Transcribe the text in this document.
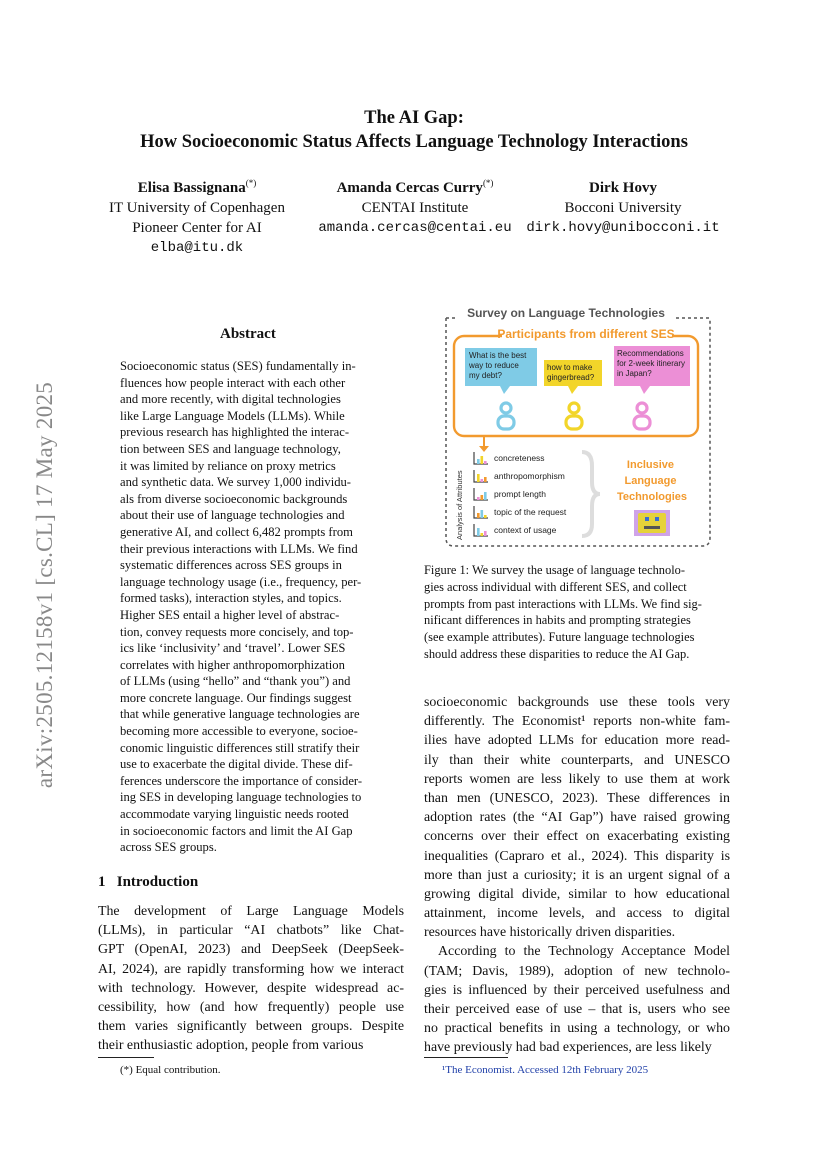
arXiv:2505.12158v1 [cs.CL] 17 May 2025
The AI Gap:
How Socioeconomic Status Affects Language Technology Interactions
Elisa Bassignana(*)
IT University of Copenhagen
Pioneer Center for AI
elba@itu.dk
Amanda Cercas Curry(*)
CENTAI Institute
amanda.cercas@centai.eu
Dirk Hovy
Bocconi University
dirk.hovy@unibocconi.it
Abstract

Socioeconomic status (SES) fundamentally in-

fluences how people interact with each other

and more recently, with digital technologies

like Large Language Models (LLMs). While

previous research has highlighted the interac-

tion between SES and language technology,

it was limited by reliance on proxy metrics

and synthetic data. We survey 1,000 individu-

als from diverse socioeconomic backgrounds

about their use of language technologies and

generative AI, and collect 6,482 prompts from

their previous interactions with LLMs. We find

systematic differences across SES groups in

language technology usage (i.e., frequency, per-

formed tasks), interaction styles, and topics.

Higher SES entail a higher level of abstrac-

tion, convey requests more concisely, and top-

ics like ‘inclusivity’ and ‘travel’. Lower SES

correlates with higher anthropomorphization

of LLMs (using “hello” and “thank you”) and

more concrete language. Our findings suggest

that while generative language technologies are

becoming more accessible to everyone, socioe-

conomic linguistic differences still stratify their

use to exacerbate the digital divide. These dif-

ferences underscore the importance of consider-

ing SES in developing language technologies to

accommodate varying linguistic needs rooted

in socioeconomic factors and limit the AI Gap

across SES groups.

1 Introduction

The development of Large Language Models

(LLMs), in particular “AI chatbots” like Chat-

GPT (OpenAI, 2023) and DeepSeek (DeepSeek-

AI, 2024), are rapidly transforming how we interact

with technology. However, despite widespread ac-

cessibility, how (and how frequently) people use

them varies significantly between groups. Despite

their enthusiastic adoption, people from various

(*) Equal contribution.
Survey on Language Technologies
Participants from different SES
What is the best way to reduce my debt?
how to make gingerbread?
Recommendations for 2-week itinerary in Japan?
Analysis of Attributes
concreteness
anthropomorphism
prompt length
topic of the request
context of usage
Inclusive Language Technologies

Figure 1: We survey the usage of language technolo-

gies across individual with different SES, and collect

prompts from past interactions with LLMs. We find sig-

nificant differences in habits and prompting strategies

(see example attributes). Future language technologies

should address these disparities to reduce the AI Gap.

socioeconomic backgrounds use these tools very

differently. The Economist¹ reports non-white fam-

ilies have adopted LLMs for education more read-

ily than their white counterparts, and UNESCO

reports women are less likely to use them at work

than men (UNESCO, 2023). These differences in

adoption rates (the “AI Gap”) have raised growing

concerns over their effect on exacerbating existing

inequalities (Capraro et al., 2024). This disparity is

more than just a curiosity; it is an urgent signal of a

growing digital divide, similar to how educational

attainment, income levels, and access to digital

resources have historically driven disparities.

According to the Technology Acceptance Model

(TAM; Davis, 1989), adoption of new technolo-

gies is influenced by their perceived usefulness and

their perceived ease of use – that is, users who see

no practical benefits in using a technology, or who

have previously had bad experiences, are less likely

¹The Economist. Accessed 12th February 2025
